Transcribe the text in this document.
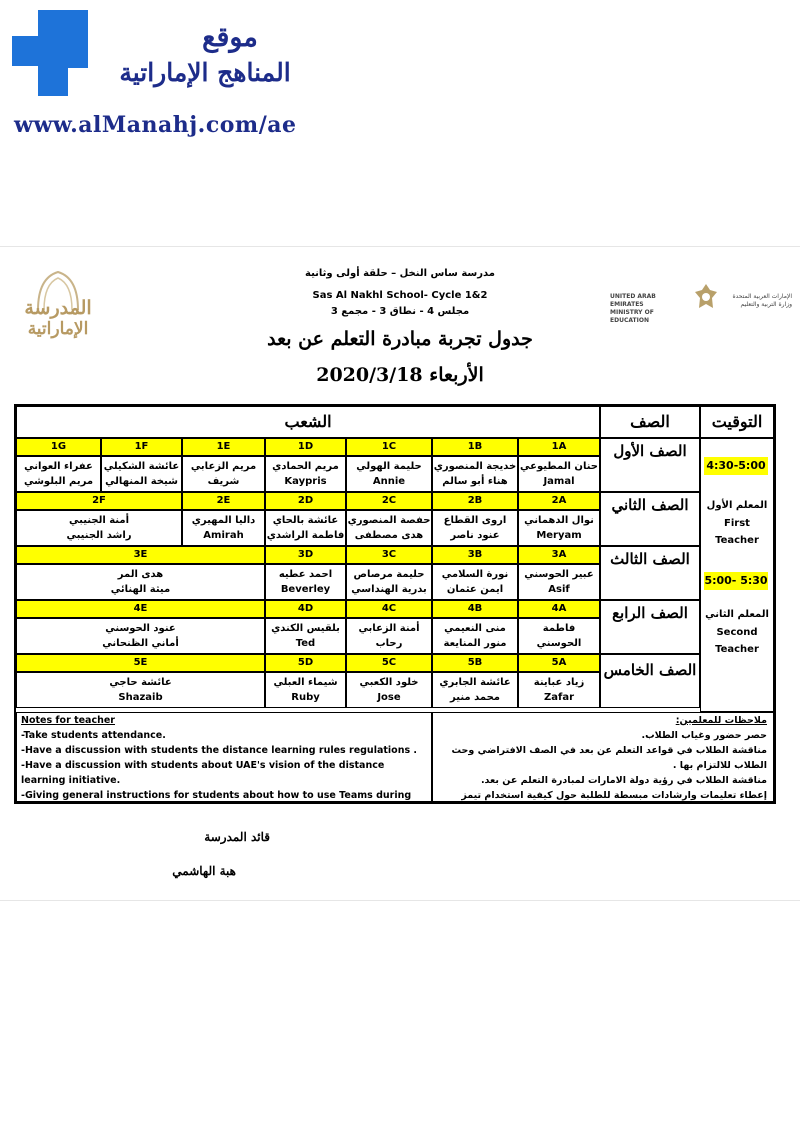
موقع
المناهج الإماراتية
www.alManahj.com/ae
المدرسة
الإماراتية
مدرسة ساس النخل – حلقة أولى وثانية
Sas Al Nakhl School- Cycle 1&2
مجلس 4 - نطاق 3 - مجمع 3
UNITED ARAB EMIRATES
MINISTRY OF EDUCATION
الإمارات العربية المتحدة
وزارة التربية والتعليم
جدول تجربة مبادرة التعلم عن بعد
الأربعاء 2020/3/18
الشعب	الصف	التوقيت
الصف الأول
1A
حنان المطيوعي
Jamal
1B
خديجة المنصوري
هناء أبو سالم
1C
حليمة الهولي
Annie
1D
مريم الحمادي
Kaypris
1E
مريم الزعابي
شريف
1F
عائشة الشكيلي
شيخة المنهالي
1G
عفراء العواني
مريم البلوشي
الصف الثاني
2A
نوال الدهماني
Meryam
2B
اروى القطاع
عنود ناصر
2C
حفصة المنصوري
هدى مصطفى
2D
عائشة بالحاي
فاطمة الراشدي
2E
داليا المهيري
Amirah
2F
أمنة الجنيبي
راشد الجنيبي
الصف الثالث
3A
عبير الحوسني
Asif
3B
نورة السلامي
ايمن عثمان
3C
حليمة مرصاص
بدرية الهنداسي
3D
احمد عطيه
Beverley
3E
هدى المر
ميثة الهنائي
الصف الرابع
4A
فاطمة الحوسني
4B
منى النعيمي
منور المنايعة
4C
أمنة الزعابي
رحاب
4D
بلقيس الكندي
Ted
4E
عنود الحوسني
أماني الظنحاني
الصف الخامس
5A
زياد عباينة
Zafar
5B
عائشة الجابري
محمد منير
5C
خلود الكعبي
Jose
5D
شيماء العبلي
Ruby
5E
عائشة حاجي
Shazaib
4:30-5:00
المعلم الأول
First Teacher
5:00- 5:30
المعلم الثاني
Second Teacher
Notes for teacher
-Take students attendance.
-Have a discussion with students the distance learning rules regulations .
-Have a discussion with students about UAE's vision of the distance learning initiative.
-Giving general instructions for students about how to use Teams during
ملاحظات للمعلمين:
حصر حضور وغياب الطلاب.
مناقشة الطلاب في قواعد التعلم عن بعد في الصف الافتراضي وحث الطلاب للالتزام بها .
مناقشة الطلاب في رؤية دولة الامارات لمبادرة التعلم عن بعد.
إعطاء تعليمات وارشادات مبسطة للطلبة حول كيفية استخدام تيمز
قائد المدرسة
هبة الهاشمي
